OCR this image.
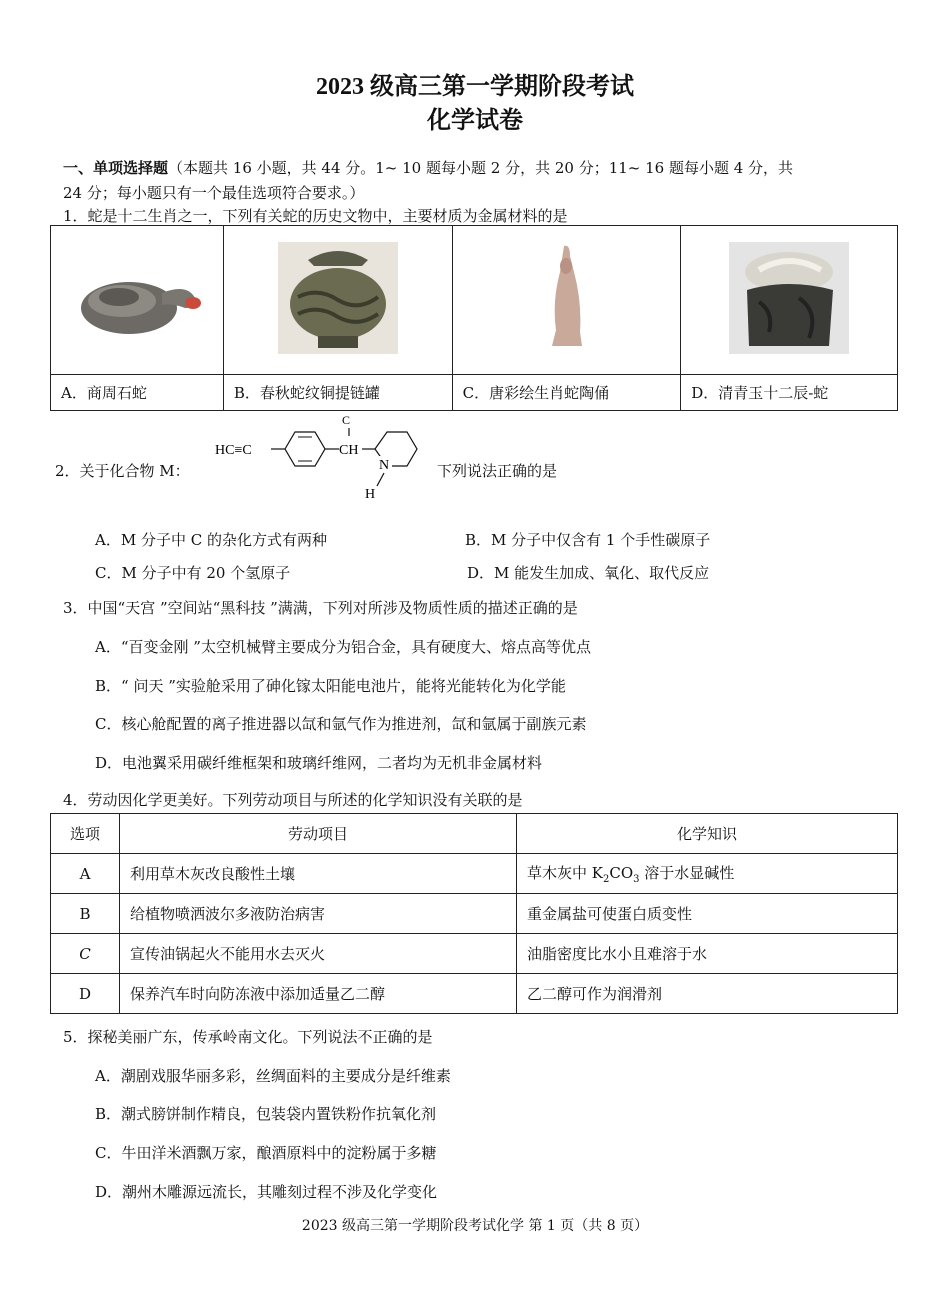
2023 级高三第一学期阶段考试
化学试卷
一、单项选择题（本题共 16 小题，共 44 分。1~ 10 题每小题 2 分，共 20 分；11~ 16 题每小题 4 分，共
24 分；每小题只有一个最佳选项符合要求。）
1．蛇是十二生肖之一，下列有关蛇的历史文物中，主要材质为金属材料的是

A．商周石蛇	B．春秋蛇纹铜提链罐	C．唐彩绘生肖蛇陶俑	D．清青玉十二辰-蛇
2．关于化合物 M：
HC≡C	CH
C
N
H
下列说法正确的是
A．M 分子中 C 的杂化方式有两种	B．M 分子中仅含有 1 个手性碳原子
C．M 分子中有 20 个氢原子	D．M 能发生加成、氧化、取代反应
3．中国“天宫 ”空间站“黑科技 ”满满，下列对所涉及物质性质的描述正确的是
A．“百变金刚 ”太空机械臂主要成分为铝合金，具有硬度大、熔点高等优点
B．“ 问天 ”实验舱采用了砷化镓太阳能电池片，能将光能转化为化学能
C．核心舱配置的离子推进器以氙和氩气作为推进剂，氙和氩属于副族元素
D．电池翼采用碳纤维框架和玻璃纤维网，二者均为无机非金属材料
4．劳动因化学更美好。下列劳动项目与所述的化学知识没有关联的是
选项	劳动项目	化学知识
A	利用草木灰改良酸性土壤	草木灰中 $K_2CO_3$ 溶于水显碱性
B	给植物喷洒波尔多液防治病害	重金属盐可使蛋白质变性
C	宣传油锅起火不能用水去灭火	油脂密度比水小且难溶于水
D	保养汽车时向防冻液中添加适量乙二醇	乙二醇可作为润滑剂
5．探秘美丽广东，传承岭南文化。下列说法不正确的是
A．潮剧戏服华丽多彩，丝绸面料的主要成分是纤维素
B．潮式膀饼制作精良，包装袋内置铁粉作抗氧化剂
C．牛田洋米酒飘万家，酿酒原料中的淀粉属于多糖
D．潮州木雕源远流长，其雕刻过程不涉及化学变化
2023 级高三第一学期阶段考试化学 第 1 页（共 8 页）
